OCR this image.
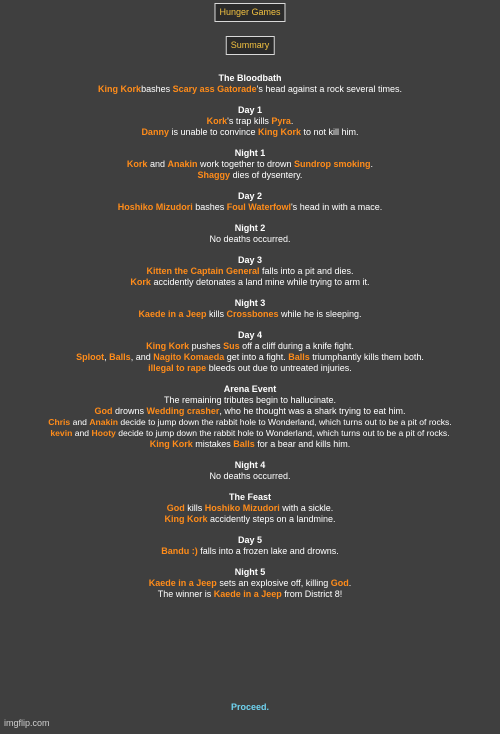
Hunger Games
Summary
The Bloodbath
King Korkbashes Scary ass Gatorade's head against a rock several times.
Day 1
Kork's trap kills Pyra.
Danny is unable to convince King Kork to not kill him.
Night 1
Kork and Anakin work together to drown Sundrop smoking.
Shaggy dies of dysentery.
Day 2
Hoshiko Mizudori bashes Foul Waterfowl's head in with a mace.
Night 2
No deaths occurred.
Day 3
Kitten the Captain General falls into a pit and dies.
Kork accidently detonates a land mine while trying to arm it.
Night 3
Kaede in a Jeep kills Crossbones while he is sleeping.
Day 4
King Kork pushes Sus off a cliff during a knife fight.
Sploot, Balls, and Nagito Komaeda get into a fight. Balls triumphantly kills them both.
illegal to rape bleeds out due to untreated injuries.
Arena Event
The remaining tributes begin to hallucinate.
God drowns Wedding crasher, who he thought was a shark trying to eat him.
Chris and Anakin decide to jump down the rabbit hole to Wonderland, which turns out to be a pit of rocks.
kevin and Hooty decide to jump down the rabbit hole to Wonderland, which turns out to be a pit of rocks.
King Kork mistakes Balls for a bear and kills him.
Night 4
No deaths occurred.
The Feast
God kills Hoshiko Mizudori with a sickle.
King Kork accidently steps on a landmine.
Day 5
Bandu :) falls into a frozen lake and drowns.
Night 5
Kaede in a Jeep sets an explosive off, killing God.
The winner is Kaede in a Jeep from District 8!
Proceed.
imgflip.com
